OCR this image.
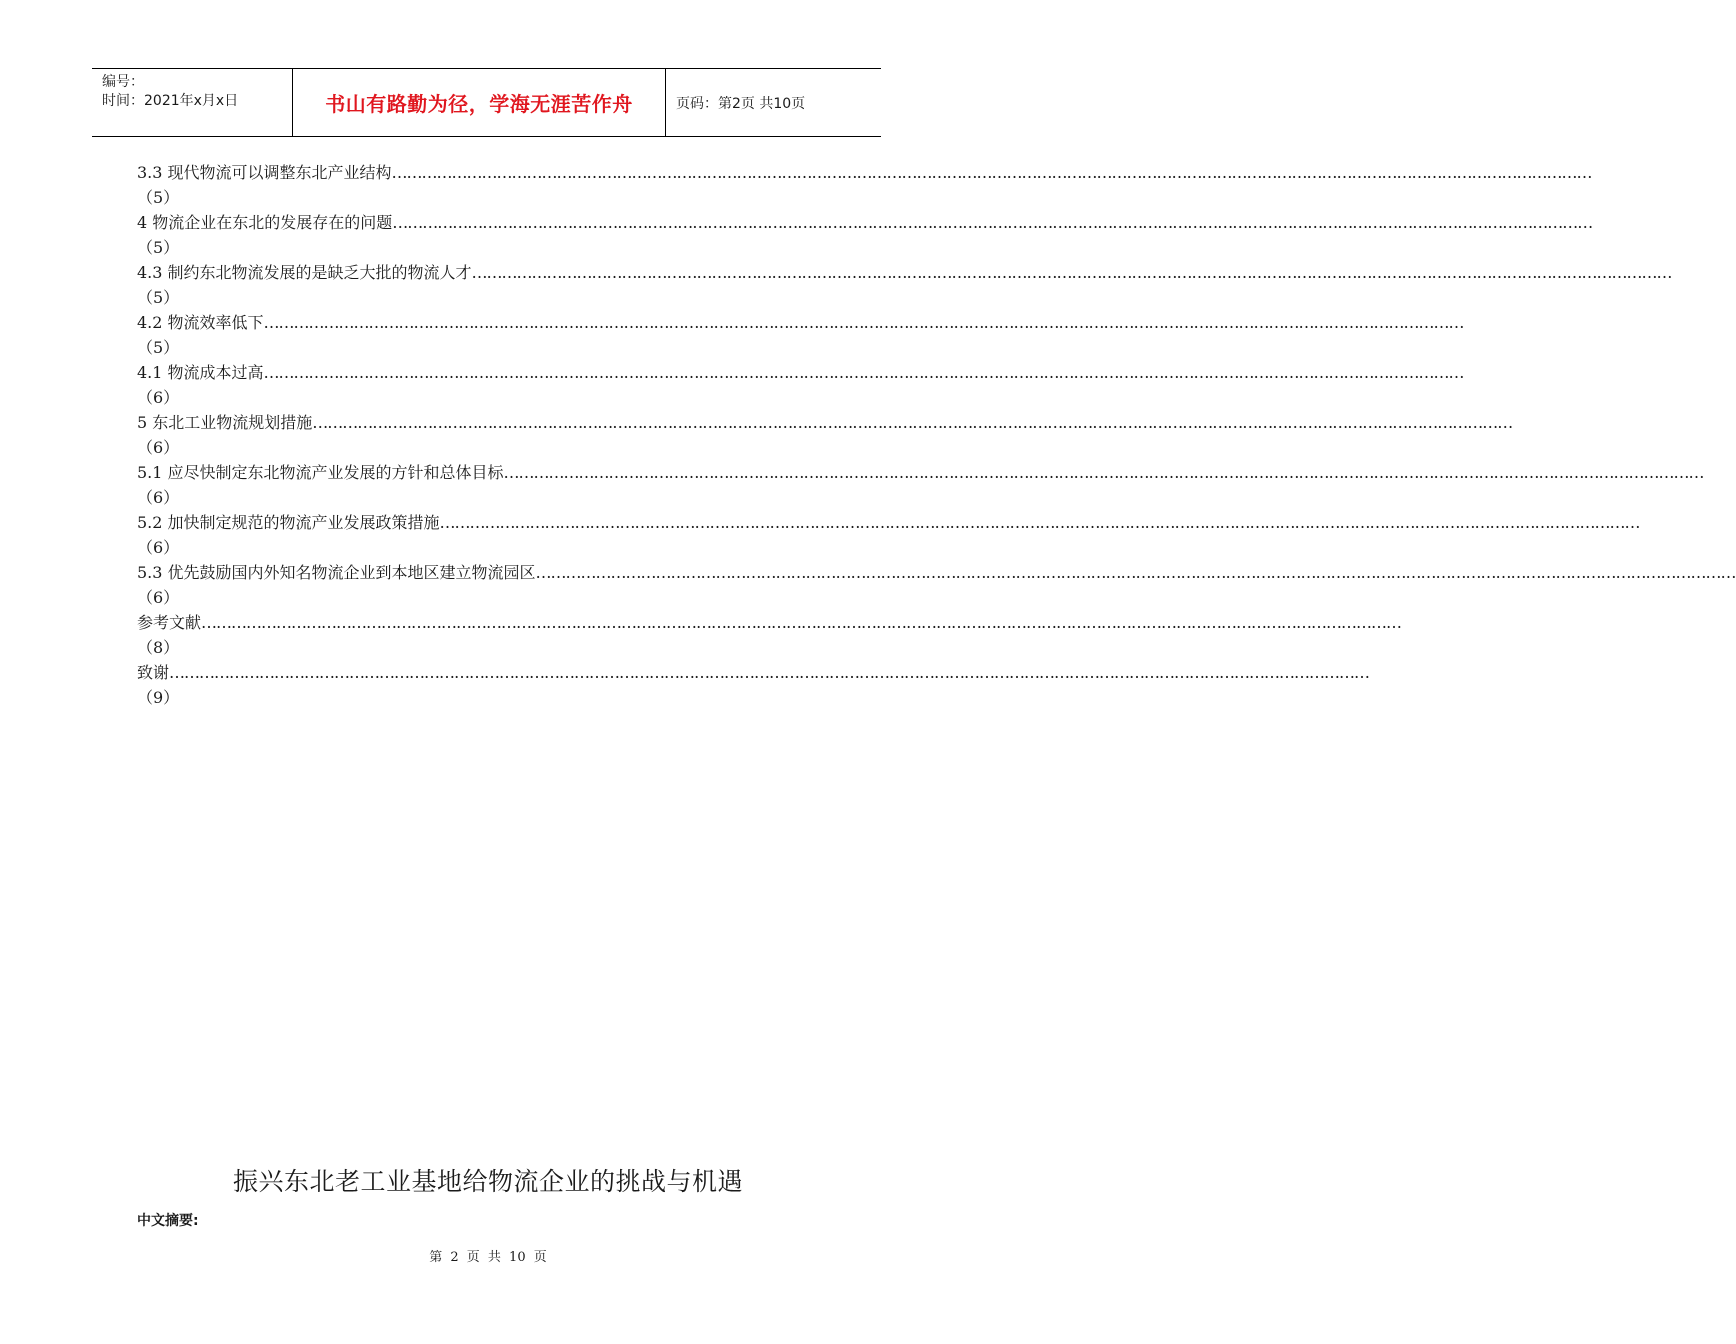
编号：
时间：2021年x月x日	书山有路勤为径，学海无涯苦作舟	页码：第2页 共10页
3.3 现代物流可以调整东北产业结构 ……………………………………………………………………………………………………………………………………………………………………………………………………………………
（5）
4 物流企业在东北的发展存在的问题 ……………………………………………………………………………………………………………………………………………………………………………………………………………………
（5）
4.3 制约东北物流发展的是缺乏大批的物流人才 ……………………………………………………………………………………………………………………………………………………………………………………………………………………
（5）
4.2 物流效率低下 ……………………………………………………………………………………………………………………………………………………………………………………………………………………
（5）
4.1 物流成本过高 ……………………………………………………………………………………………………………………………………………………………………………………………………………………
（6）
5 东北工业物流规划措施 ……………………………………………………………………………………………………………………………………………………………………………………………………………………
（6）
5.1 应尽快制定东北物流产业发展的方针和总体目标 ……………………………………………………………………………………………………………………………………………………………………………………………………………………
（6）
5.2 加快制定规范的物流产业发展政策措施 ……………………………………………………………………………………………………………………………………………………………………………………………………………………
（6）
5.3 优先鼓励国内外知名物流企业到本地区建立物流园区 ……………………………………………………………………………………………………………………………………………………………………………………………………………………
（6）
参考文献 ……………………………………………………………………………………………………………………………………………………………………………………………………………………
（8）
致谢 ……………………………………………………………………………………………………………………………………………………………………………………………………………………
（9）
振兴东北老工业基地给物流企业的挑战与机遇
中文摘要:
第 2 页 共 10 页
